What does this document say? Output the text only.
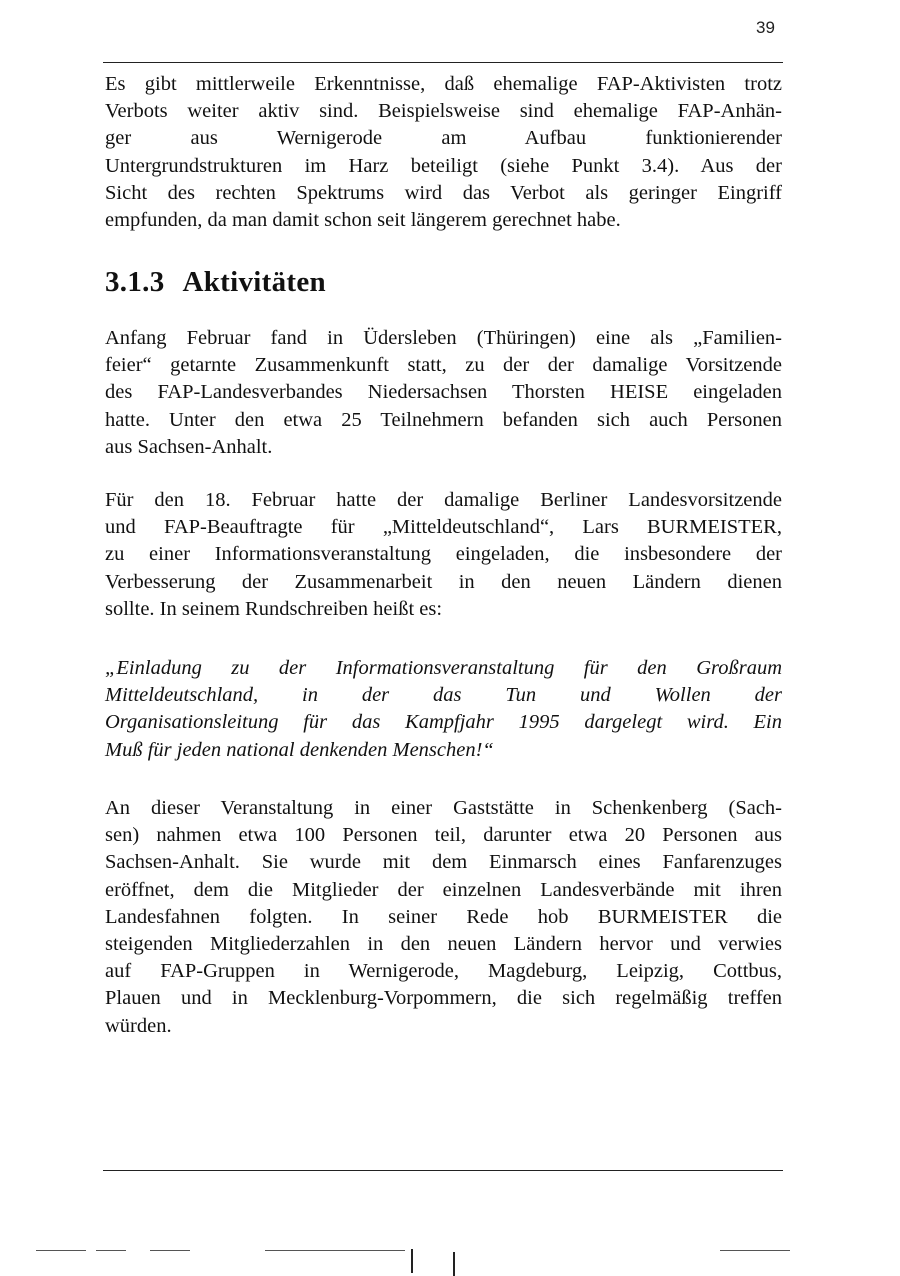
39
Es gibt mittlerweile Erkenntnisse, daß ehemalige FAP-Aktivisten trotz
Verbots weiter aktiv sind. Beispielsweise sind ehemalige FAP-Anhän-
ger aus Wernigerode am Aufbau funktionierender
Untergrundstrukturen im Harz beteiligt (siehe Punkt 3.4). Aus der
Sicht des rechten Spektrums wird das Verbot als geringer Eingriff
empfunden, da man damit schon seit längerem gerechnet habe.
3.1.3 Aktivitäten
Anfang Februar fand in Üdersleben (Thüringen) eine als „Familien-
feier“ getarnte Zusammenkunft statt, zu der der damalige Vorsitzende
des FAP-Landesverbandes Niedersachsen Thorsten HEISE eingeladen
hatte. Unter den etwa 25 Teilnehmern befanden sich auch Personen
aus Sachsen-Anhalt.
Für den 18. Februar hatte der damalige Berliner Landesvorsitzende
und FAP-Beauftragte für „Mitteldeutschland“, Lars BURMEISTER,
zu einer Informationsveranstaltung eingeladen, die insbesondere der
Verbesserung der Zusammenarbeit in den neuen Ländern dienen
sollte. In seinem Rundschreiben heißt es:
„Einladung zu der Informationsveranstaltung für den Großraum
Mitteldeutschland, in der das Tun und Wollen der
Organisationsleitung für das Kampfjahr 1995 dargelegt wird. Ein
Muß für jeden national denkenden Menschen!“
An dieser Veranstaltung in einer Gaststätte in Schenkenberg (Sach-
sen) nahmen etwa 100 Personen teil, darunter etwa 20 Personen aus
Sachsen-Anhalt. Sie wurde mit dem Einmarsch eines Fanfarenzuges
eröffnet, dem die Mitglieder der einzelnen Landesverbände mit ihren
Landesfahnen folgten. In seiner Rede hob BURMEISTER die
steigenden Mitgliederzahlen in den neuen Ländern hervor und verwies
auf FAP-Gruppen in Wernigerode, Magdeburg, Leipzig, Cottbus,
Plauen und in Mecklenburg-Vorpommern, die sich regelmäßig treffen
würden.
